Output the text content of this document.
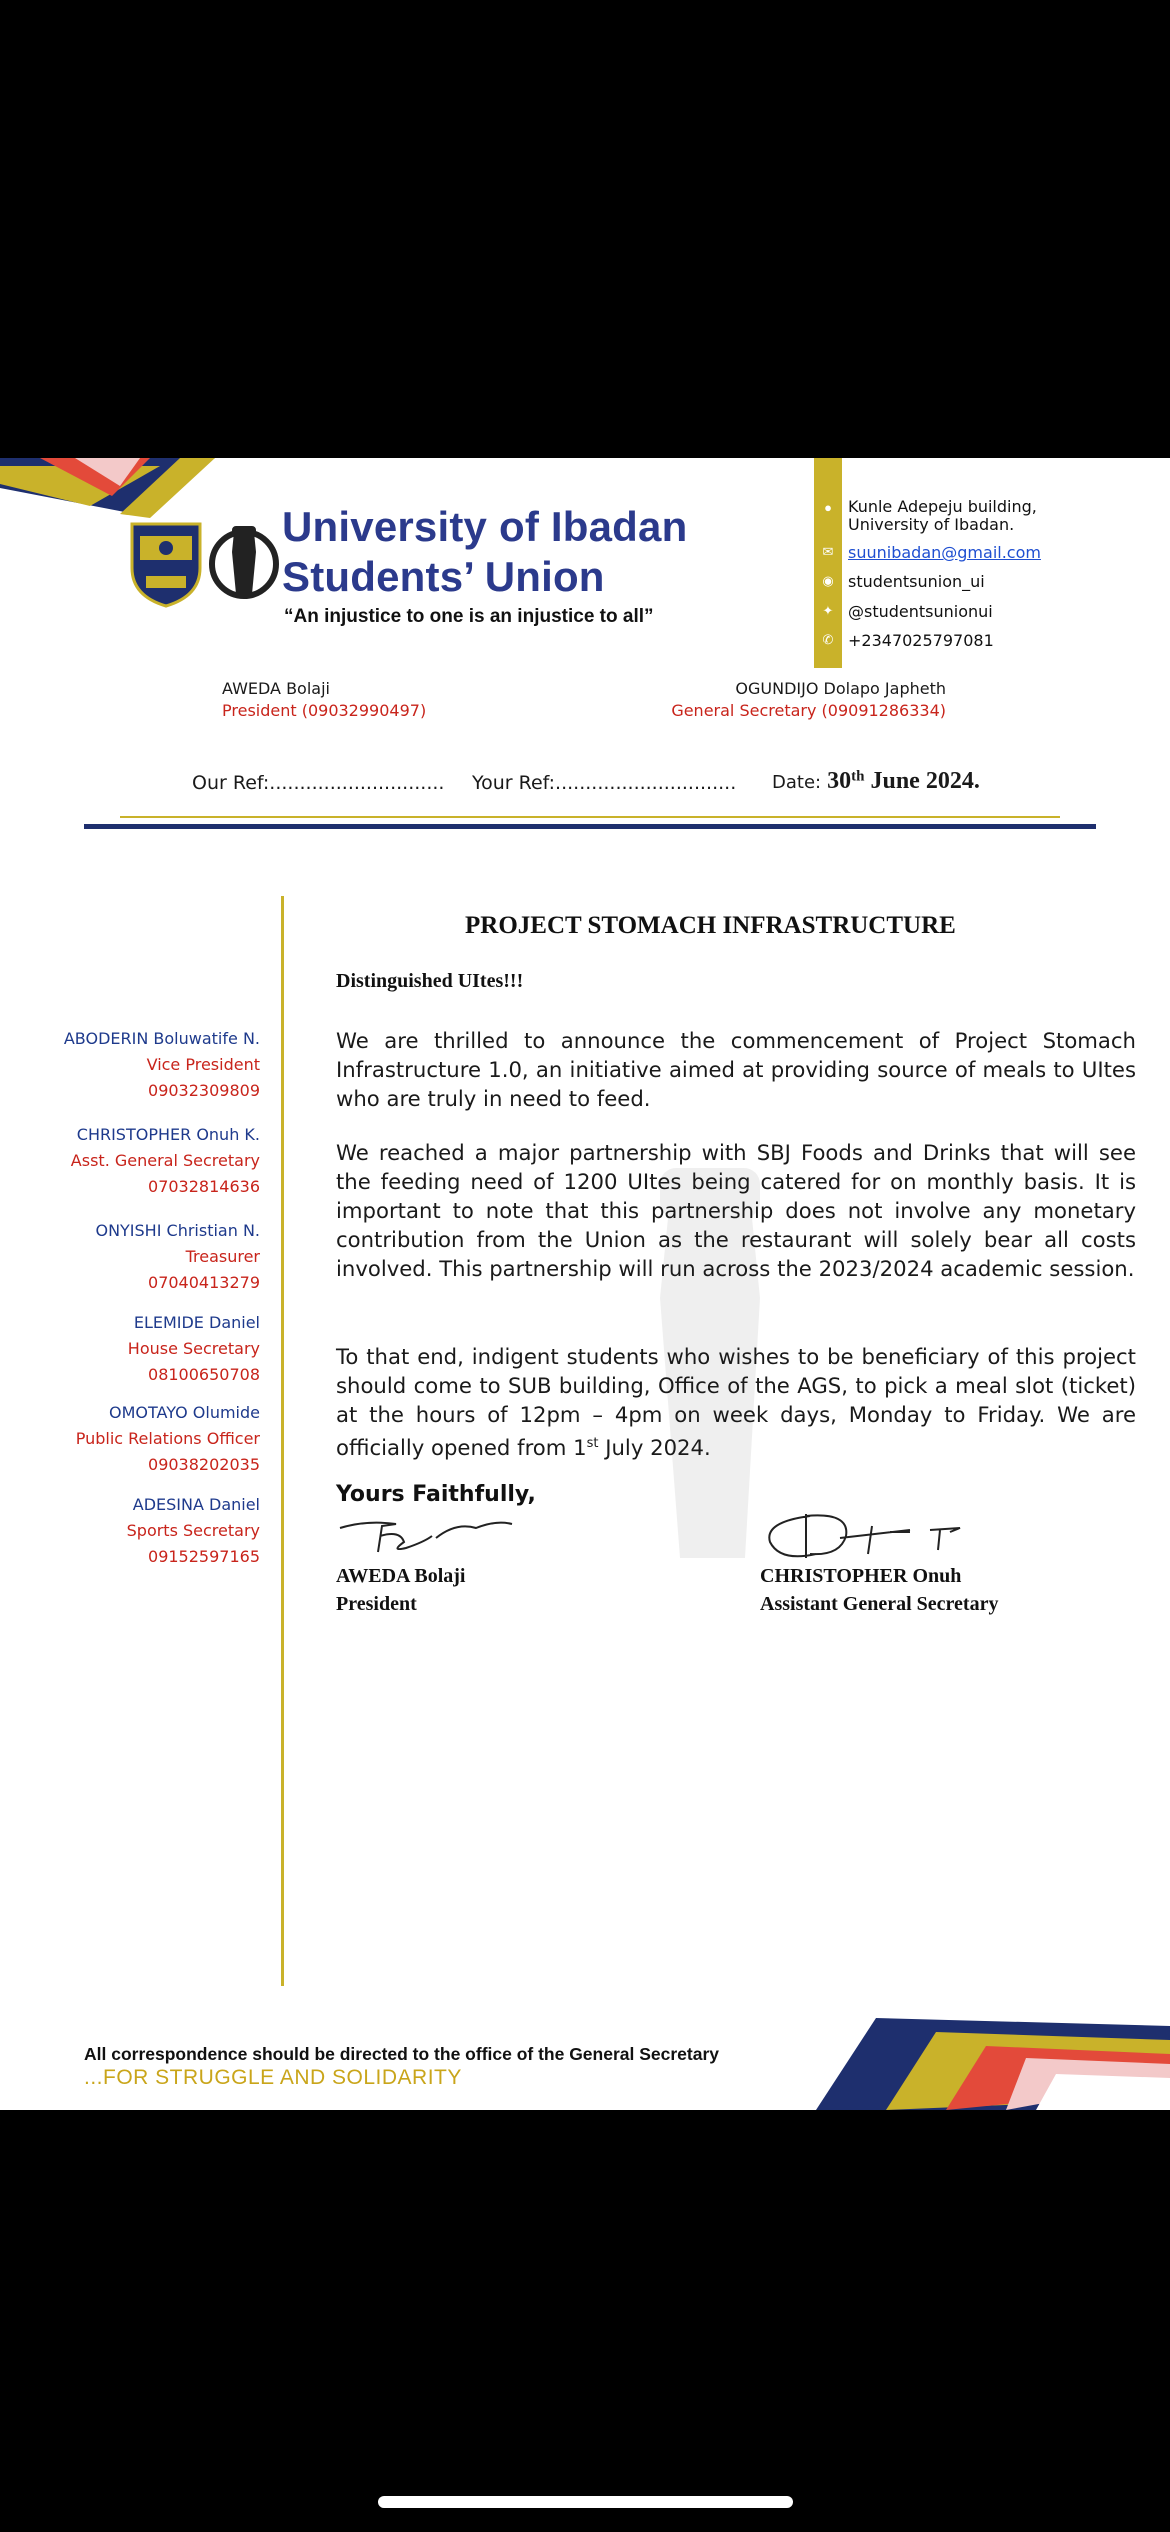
University of Ibadan
Students’ Union
“An injustice to one is an injustice to all”
●	Kunle Adepeju building,
University of Ibadan.
✉ suunibadan@gmail.com
◉ studentsunion_ui
✦ @studentsunionui
✆ +2347025797081
AWEDA Bolaji
President (09032990497)
OGUNDIJO Dolapo Japheth
General Secretary (09091286334)
Our Ref:............................. Your Ref:.............................. Date: 30th June 2024.
ABODERIN Boluwatife N.
Vice President
09032309809
CHRISTOPHER Onuh K.
Asst. General Secretary
07032814636
ONYISHI Christian N.
Treasurer
07040413279
ELEMIDE Daniel
House Secretary
08100650708
OMOTAYO Olumide
Public Relations Officer
09038202035
ADESINA Daniel
Sports Secretary
09152597165
PROJECT STOMACH INFRASTRUCTURE
Distinguished UItes!!!
We are thrilled to announce the commencement of Project Stomach Infrastructure 1.0, an initiative aimed at providing source of meals to UItes who are truly in need to feed.
We reached a major partnership with SBJ Foods and Drinks that will see the feeding need of 1200 UItes being catered for on monthly basis. It is important to note that this partnership does not involve any monetary contribution from the Union as the restaurant will solely bear all costs involved. This partnership will run across the 2023/2024 academic session.
To that end, indigent students who wishes to be beneficiary of this project should come to SUB building, Office of the AGS, to pick a meal slot (ticket) at the hours of 12pm – 4pm on week days, Monday to Friday. We are officially opened from 1st July 2024.
Yours Faithfully,
AWEDA Bolaji
President
CHRISTOPHER Onuh
Assistant General Secretary
All correspondence should be directed to the office of the General Secretary
...FOR STRUGGLE AND SOLIDARITY
